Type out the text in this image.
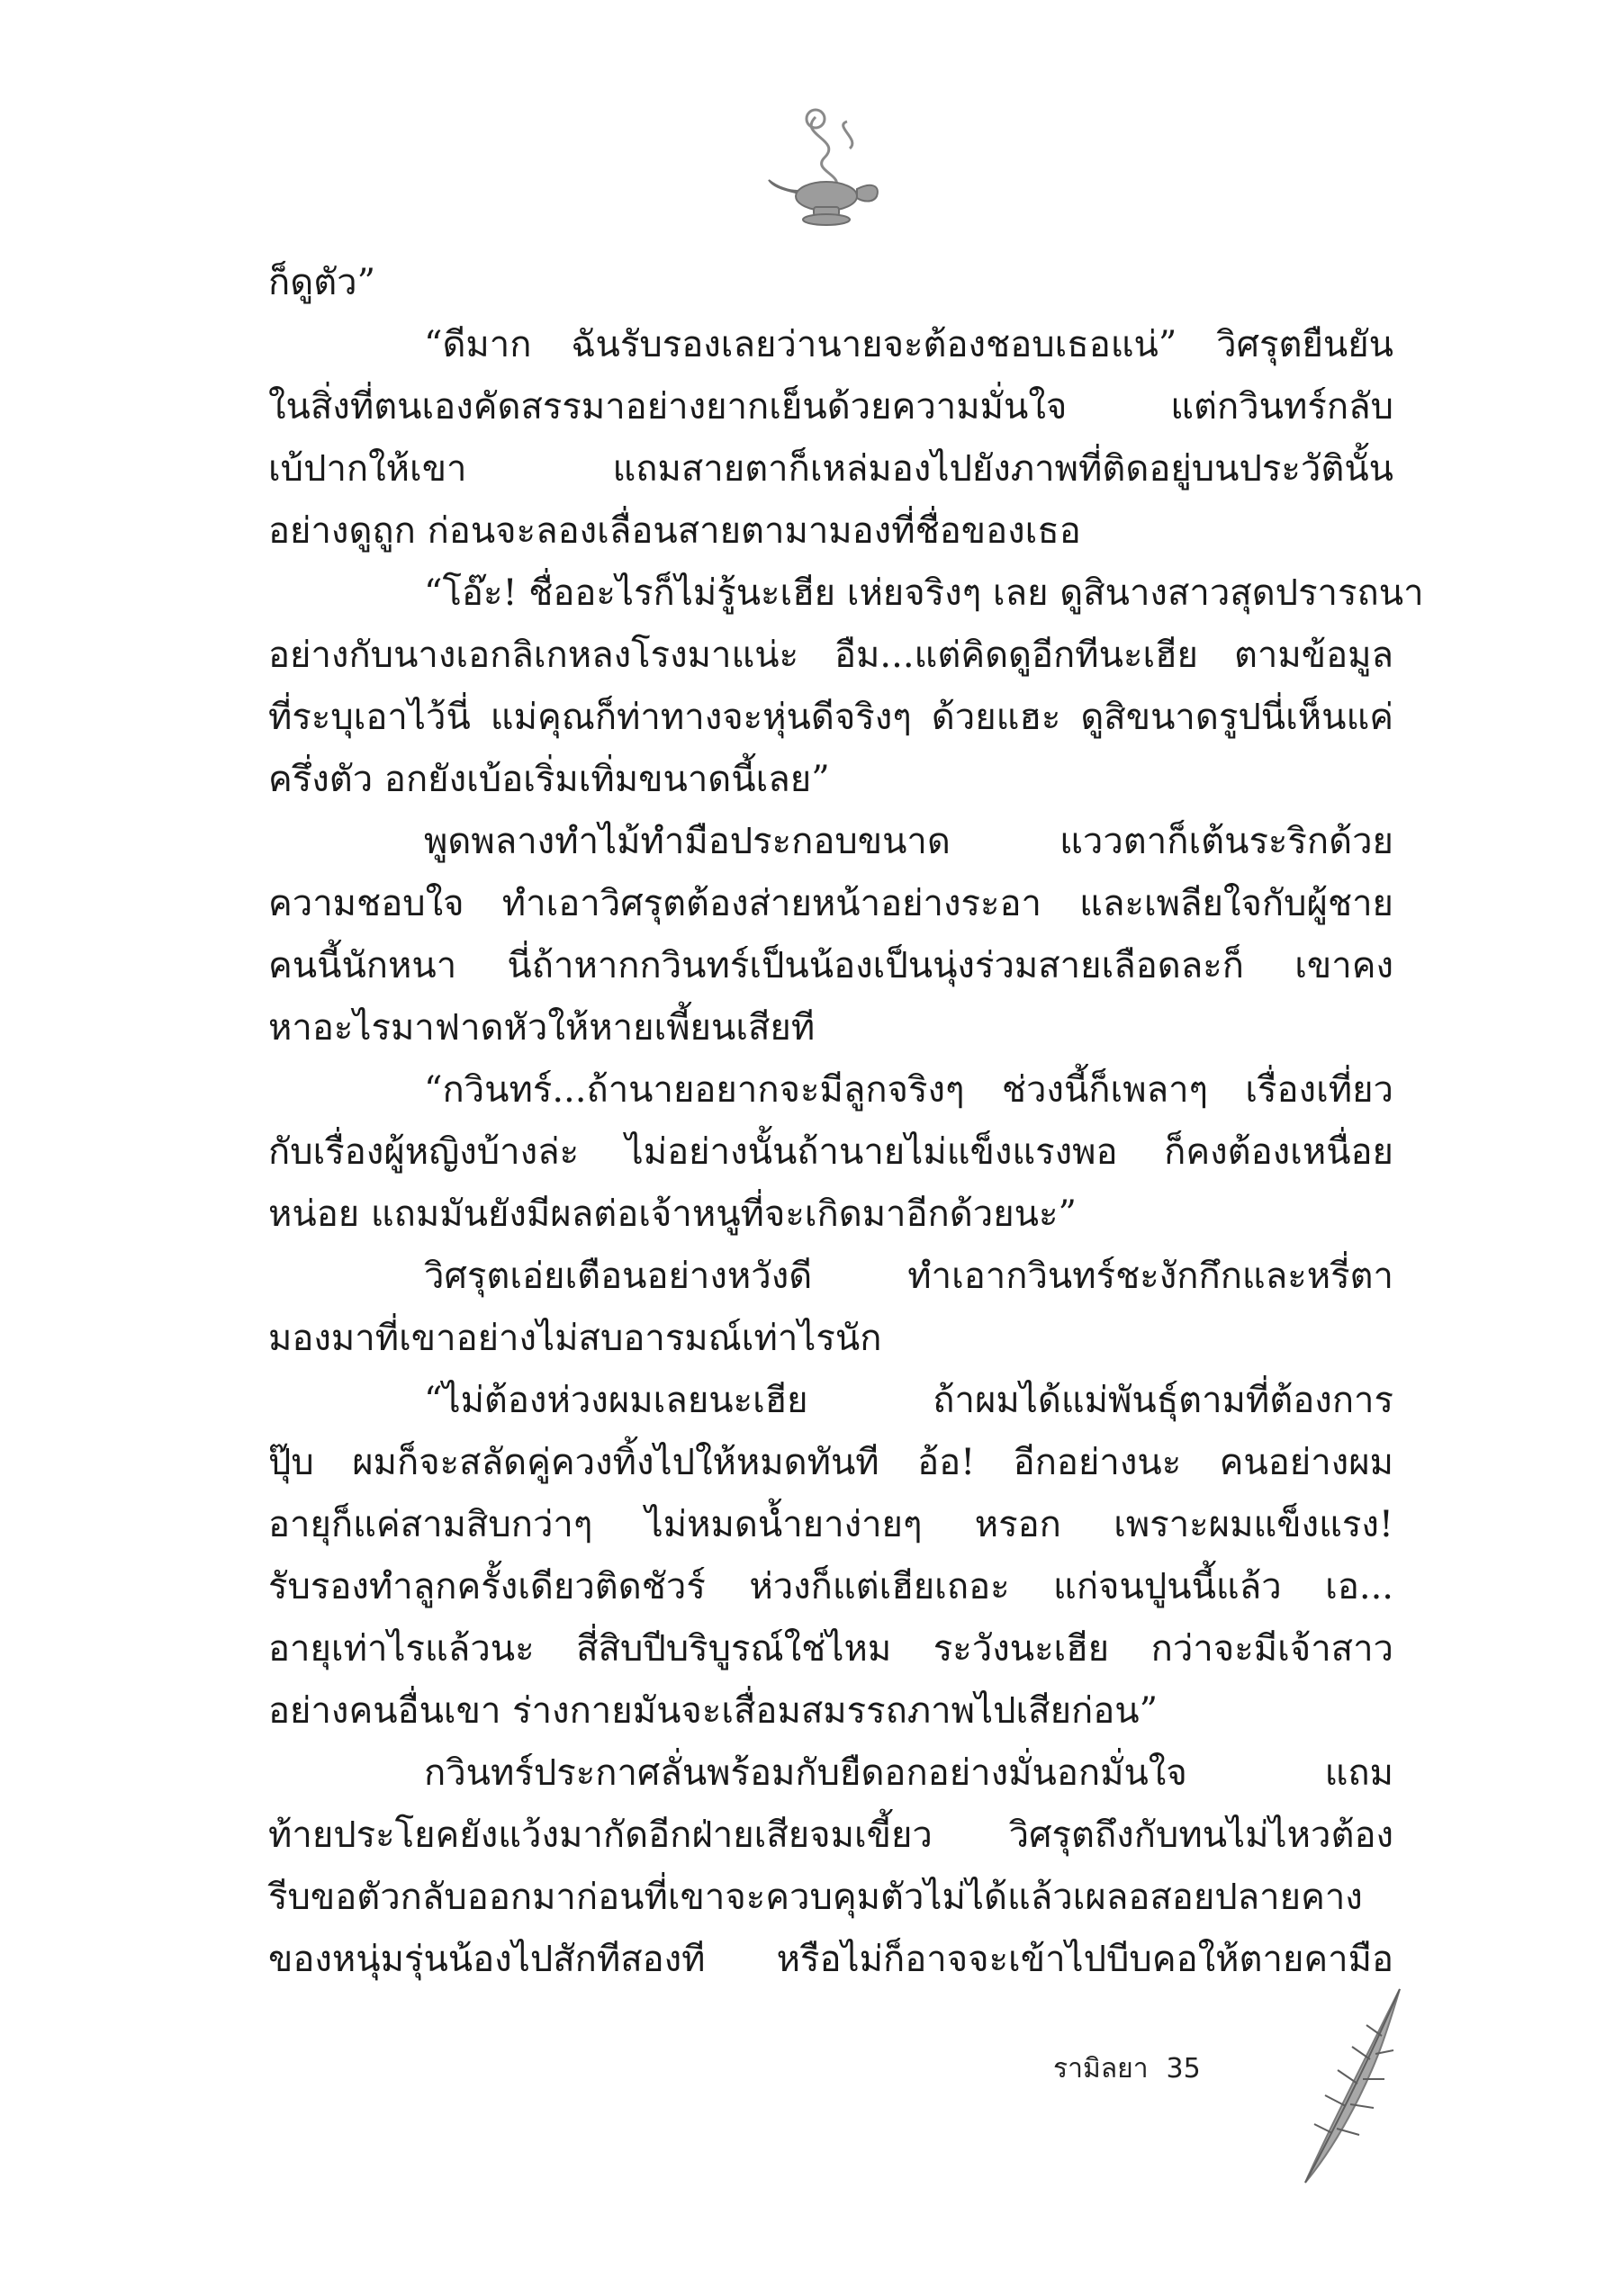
ก็ดูตัว”
“ดีมาก ฉันรับรองเลยว่านายจะต้องชอบเธอแน่” วิศรุตยืนยัน
ในสิ่งที่ตนเองคัดสรรมาอย่างยากเย็นด้วยความมั่นใจ แต่กวินทร์กลับ
เบ้ปากให้เขา แถมสายตาก็เหล่มองไปยังภาพที่ติดอยู่บนประวัตินั้น
อย่างดูถูก ก่อนจะลองเลื่อนสายตามามองที่ชื่อของเธอ
“โอ๊ะ! ชื่ออะไรก็ไม่รู้นะเฮีย เห่ยจริงๆ เลย ดูสินางสาวสุดปรารถนา
อย่างกับนางเอกลิเกหลงโรงมาแน่ะ อืม...แต่คิดดูอีกทีนะเฮีย ตามข้อมูล
ที่ระบุเอาไว้นี่ แม่คุณก็ท่าทางจะหุ่นดีจริงๆ ด้วยแฮะ ดูสิขนาดรูปนี่เห็นแค่
ครึ่งตัว อกยังเบ้อเริ่มเทิ่มขนาดนี้เลย”
พูดพลางทำไม้ทำมือประกอบขนาด แววตาก็เต้นระริกด้วย
ความชอบใจ ทำเอาวิศรุตต้องส่ายหน้าอย่างระอา และเพลียใจกับผู้ชาย
คนนี้นักหนา นี่ถ้าหากกวินทร์เป็นน้องเป็นนุ่งร่วมสายเลือดละก็ เขาคง
หาอะไรมาฟาดหัวให้หายเพี้ยนเสียที
“กวินทร์...ถ้านายอยากจะมีลูกจริงๆ ช่วงนี้ก็เพลาๆ เรื่องเที่ยว
กับเรื่องผู้หญิงบ้างล่ะ ไม่อย่างนั้นถ้านายไม่แข็งแรงพอ ก็คงต้องเหนื่อย
หน่อย แถมมันยังมีผลต่อเจ้าหนูที่จะเกิดมาอีกด้วยนะ”
วิศรุตเอ่ยเตือนอย่างหวังดี ทำเอากวินทร์ชะงักกึกและหรี่ตา
มองมาที่เขาอย่างไม่สบอารมณ์เท่าไรนัก
“ไม่ต้องห่วงผมเลยนะเฮีย ถ้าผมได้แม่พันธุ์ตามที่ต้องการ
ปุ๊บ ผมก็จะสลัดคู่ควงทิ้งไปให้หมดทันที อ้อ! อีกอย่างนะ คนอย่างผม
อายุก็แค่สามสิบกว่าๆ ไม่หมดน้ำยาง่ายๆ หรอก เพราะผมแข็งแรง!
รับรองทำลูกครั้งเดียวติดชัวร์ ห่วงก็แต่เฮียเถอะ แก่จนปูนนี้แล้ว เอ...
อายุเท่าไรแล้วนะ สี่สิบปีบริบูรณ์ใช่ไหม ระวังนะเฮีย กว่าจะมีเจ้าสาว
อย่างคนอื่นเขา ร่างกายมันจะเสื่อมสมรรถภาพไปเสียก่อน”
กวินทร์ประกาศลั่นพร้อมกับยืดอกอย่างมั่นอกมั่นใจ แถม
ท้ายประโยคยังแว้งมากัดอีกฝ่ายเสียจมเขี้ยว วิศรุตถึงกับทนไม่ไหวต้อง
รีบขอตัวกลับออกมาก่อนที่เขาจะควบคุมตัวไม่ได้แล้วเผลอสอยปลายคาง
ของหนุ่มรุ่นน้องไปสักทีสองที หรือไม่ก็อาจจะเข้าไปบีบคอให้ตายคามือ
รามิลยา 35
